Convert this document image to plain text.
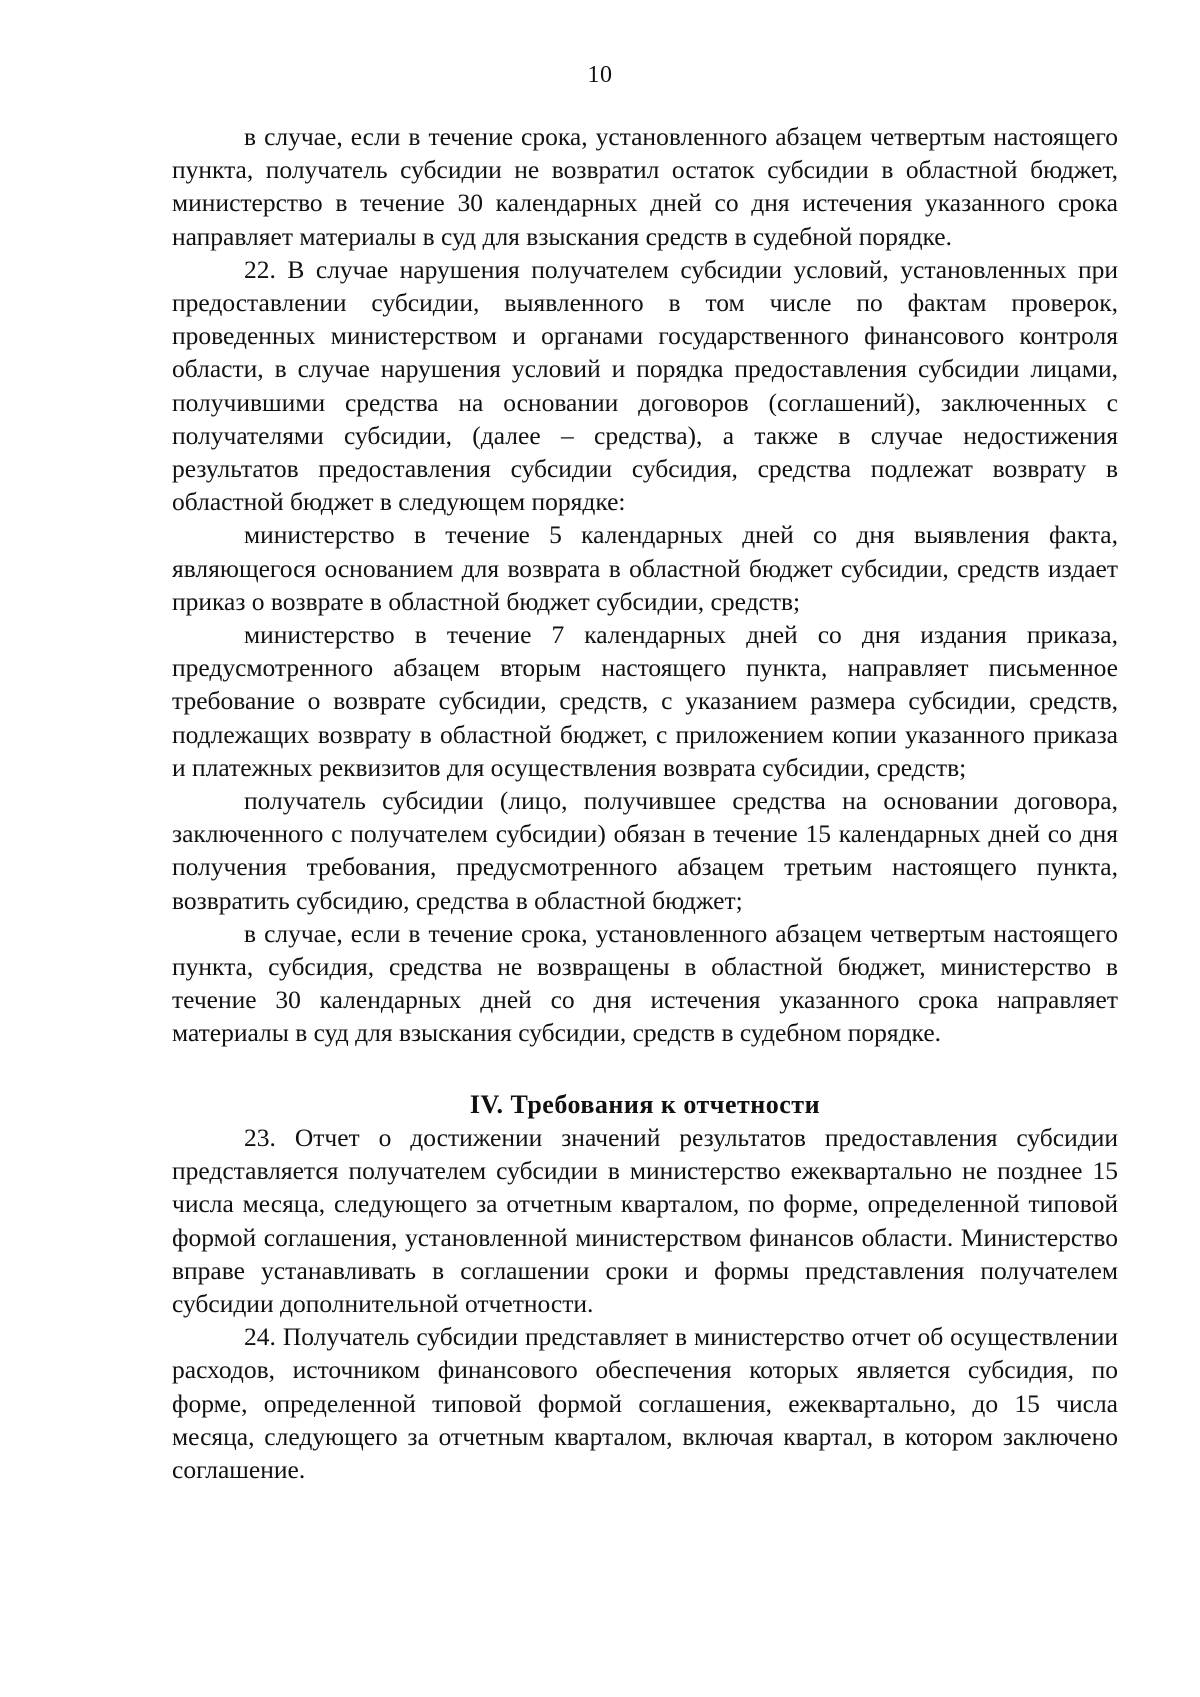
10

в случае, если в течение срока, установленного абзацем четвертым настоящего пункта, получатель субсидии не возвратил остаток субсидии в областной бюджет, министерство в течение 30 календарных дней со дня истечения указанного срока направляет материалы в суд для взыскания средств в судебной порядке.

22. В случае нарушения получателем субсидии условий, установленных при предоставлении субсидии, выявленного в том числе по фактам проверок, проведенных министерством и органами государственного финансового контроля области, в случае нарушения условий и порядка предоставления субсидии лицами, получившими средства на основании договоров (соглашений), заключенных с получателями субсидии, (далее – средства), а также в случае недостижения результатов предоставления субсидии субсидия, средства подлежат возврату в областной бюджет в следующем порядке:

министерство в течение 5 календарных дней со дня выявления факта, являющегося основанием для возврата в областной бюджет субсидии, средств издает приказ о возврате в областной бюджет субсидии, средств;

министерство в течение 7 календарных дней со дня издания приказа, предусмотренного абзацем вторым настоящего пункта, направляет письменное требование о возврате субсидии, средств, с указанием размера субсидии, средств, подлежащих возврату в областной бюджет, с приложением копии указанного приказа и платежных реквизитов для осуществления возврата субсидии, средств;

получатель субсидии (лицо, получившее средства на основании договора, заключенного с получателем субсидии) обязан в течение 15 календарных дней со дня получения требования, предусмотренного абзацем третьим настоящего пункта, возвратить субсидию, средства в областной бюджет;

в случае, если в течение срока, установленного абзацем четвертым настоящего пункта, субсидия, средства не возвращены в областной бюджет, министерство в течение 30 календарных дней со дня истечения указанного срока направляет материалы в суд для взыскания субсидии, средств в судебном порядке.

IV. Требования к отчетности

23. Отчет о достижении значений результатов предоставления субсидии представляется получателем субсидии в министерство ежеквартально не позднее 15 числа месяца, следующего за отчетным кварталом, по форме, определенной типовой формой соглашения, установленной министерством финансов области. Министерство вправе устанавливать в соглашении сроки и формы представления получателем субсидии дополнительной отчетности.

24. Получатель субсидии представляет в министерство отчет об осуществлении расходов, источником финансового обеспечения которых является субсидия, по форме, определенной типовой формой соглашения, ежеквартально, до 15 числа месяца, следующего за отчетным кварталом, включая квартал, в котором заключено соглашение.
